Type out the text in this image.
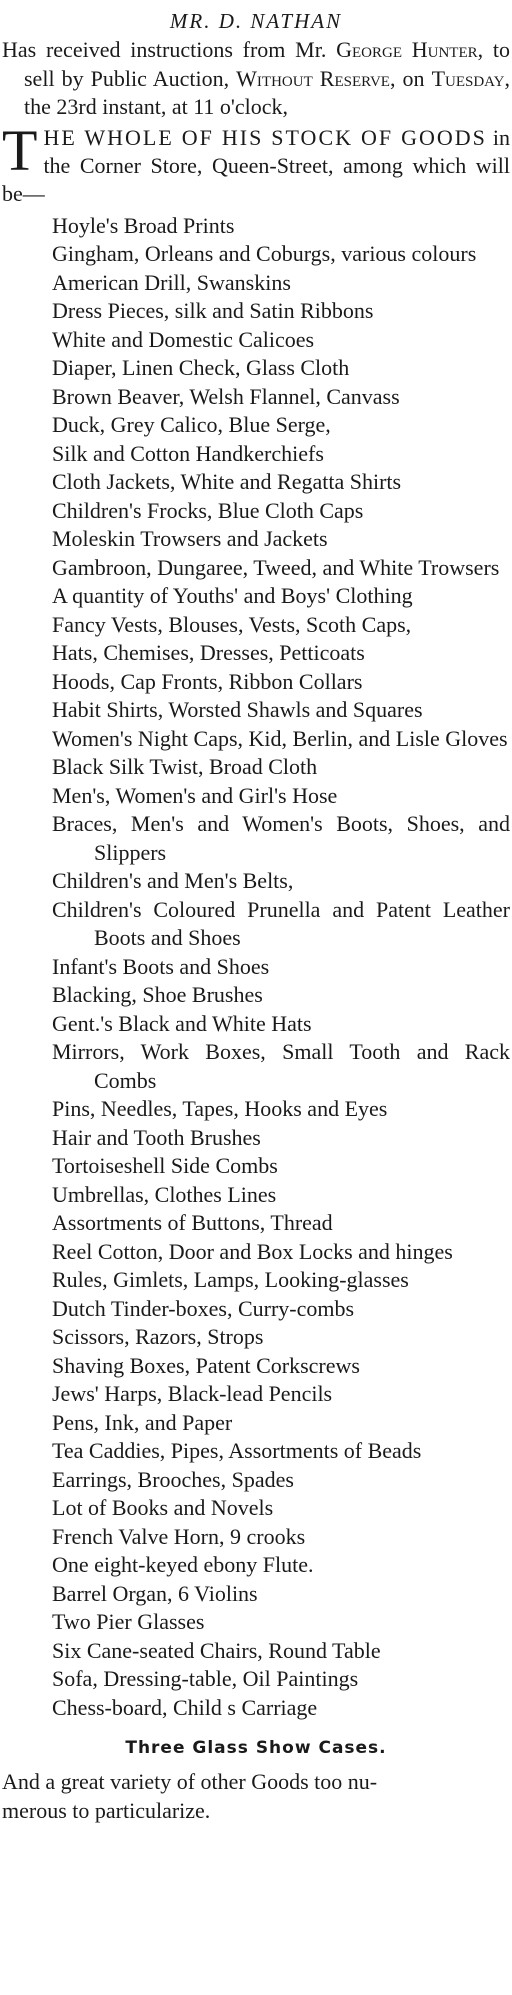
MR. D. NATHAN

Has received instructions from Mr. George Hunter, to sell by Public Auction, Without Reserve, on Tuesday, the 23rd instant, at 11 o'clock,

THE WHOLE OF HIS STOCK OF GOODS in the Corner Store, Queen-Street, among which will be—
Hoyle's Broad Prints
Gingham, Orleans and Coburgs, various colours
American Drill, Swanskins
Dress Pieces, silk and Satin Ribbons
White and Domestic Calicoes
Diaper, Linen Check, Glass Cloth
Brown Beaver, Welsh Flannel, Canvass
Duck, Grey Calico, Blue Serge,
Silk and Cotton Handkerchiefs
Cloth Jackets, White and Regatta Shirts
Children's Frocks, Blue Cloth Caps
Moleskin Trowsers and Jackets
Gambroon, Dungaree, Tweed, and White Trowsers
A quantity of Youths' and Boys' Clothing
Fancy Vests, Blouses, Vests, Scoth Caps,
Hats, Chemises, Dresses, Petticoats
Hoods, Cap Fronts, Ribbon Collars
Habit Shirts, Worsted Shawls and Squares
Women's Night Caps, Kid, Berlin, and Lisle Gloves
Black Silk Twist, Broad Cloth
Men's, Women's and Girl's Hose
Braces, Men's and Women's Boots, Shoes, and Slippers
Children's and Men's Belts,
Children's Coloured Prunella and Patent Leather Boots and Shoes
Infant's Boots and Shoes
Blacking, Shoe Brushes
Gent.'s Black and White Hats
Mirrors, Work Boxes, Small Tooth and Rack Combs
Pins, Needles, Tapes, Hooks and Eyes
Hair and Tooth Brushes
Tortoiseshell Side Combs
Umbrellas, Clothes Lines
Assortments of Buttons, Thread
Reel Cotton, Door and Box Locks and hinges
Rules, Gimlets, Lamps, Looking-glasses
Dutch Tinder-boxes, Curry-combs
Scissors, Razors, Strops
Shaving Boxes, Patent Corkscrews
Jews' Harps, Black-lead Pencils
Pens, Ink, and Paper
Tea Caddies, Pipes, Assortments of Beads
Earrings, Brooches, Spades
Lot of Books and Novels
French Valve Horn, 9 crooks
One eight-keyed ebony Flute.
Barrel Organ, 6 Violins
Two Pier Glasses
Six Cane-seated Chairs, Round Table
Sofa, Dressing-table, Oil Paintings
Chess-board, Child s Carriage
Three Glass Show Cases.

And a great variety of other Goods too nu-
merous to particularize.
